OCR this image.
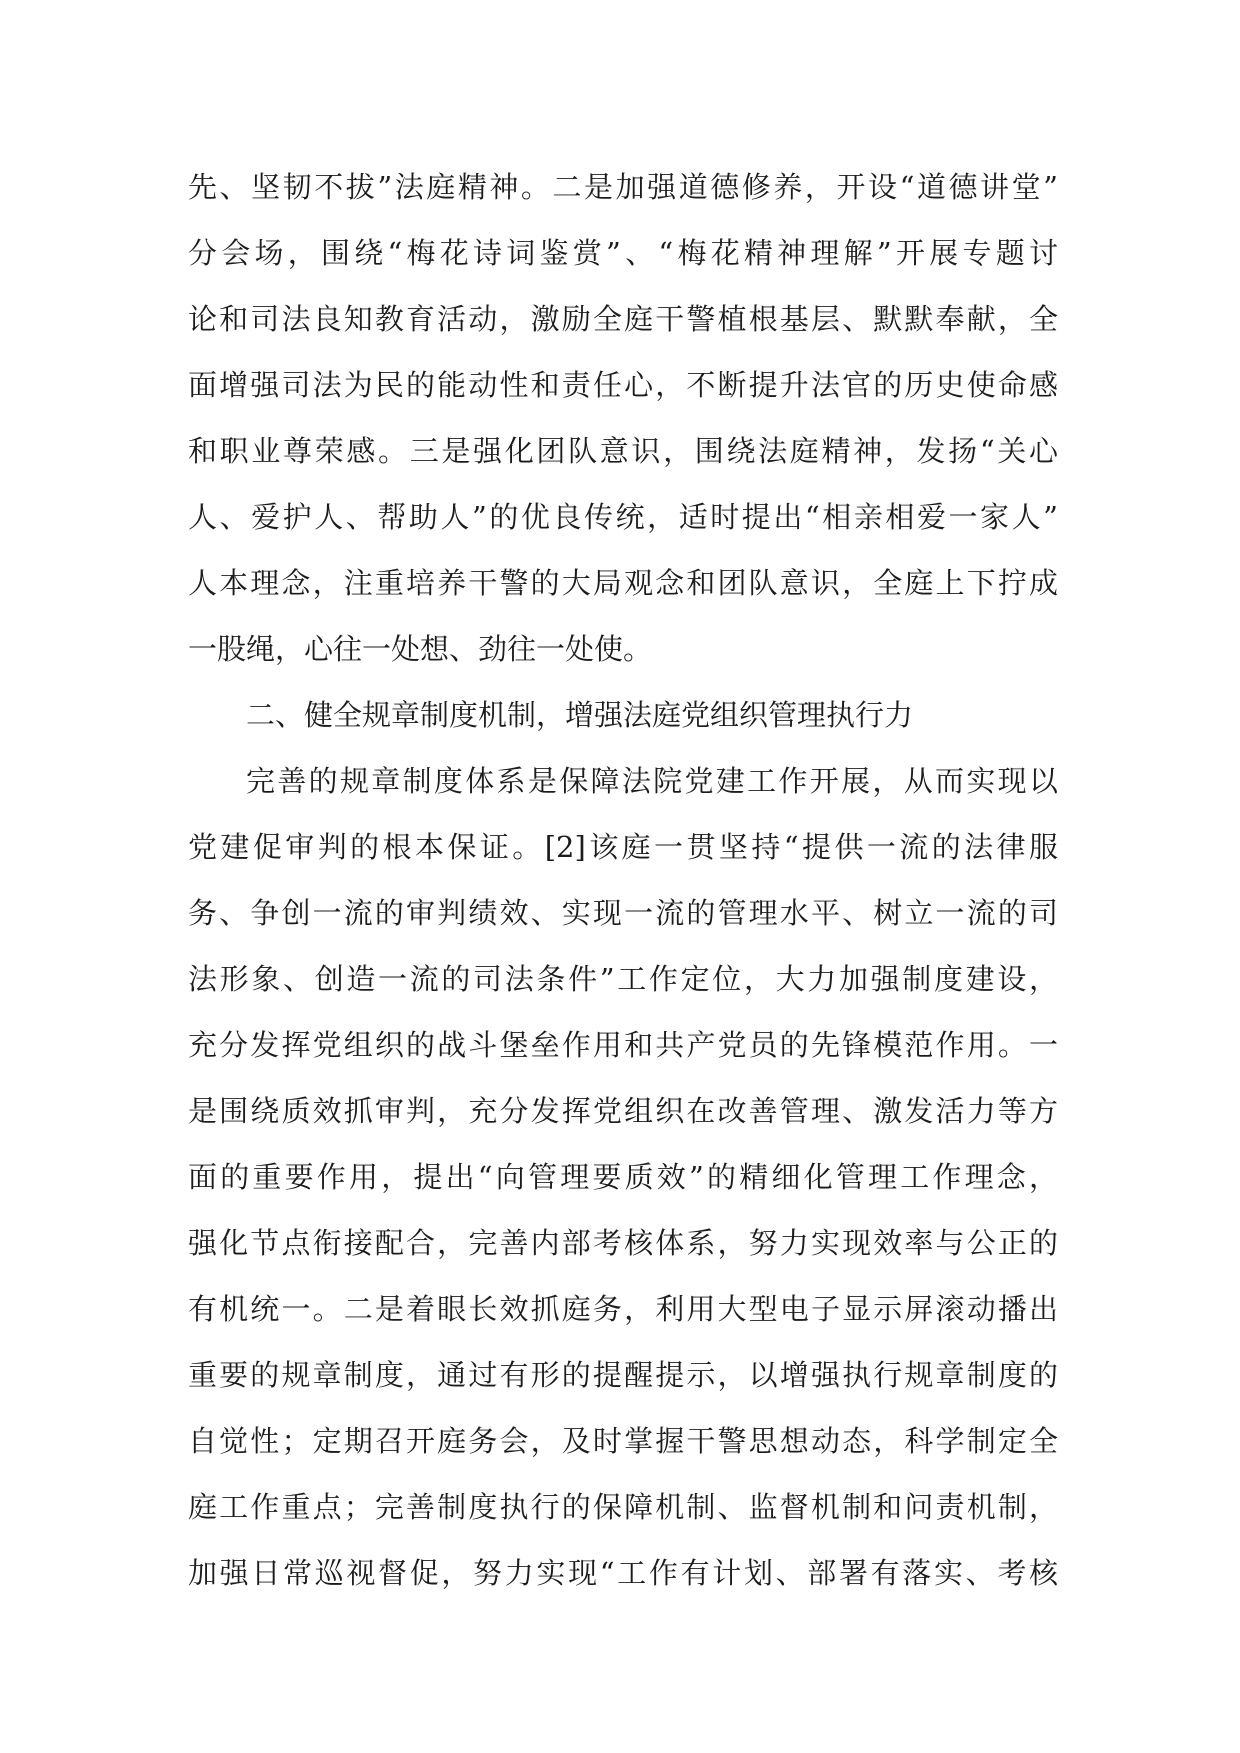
先、坚韧不拔”法庭精神。二是加强道德修养，开设“道德讲堂”
分会场，围绕“梅花诗词鉴赏”、“梅花精神理解”开展专题讨
论和司法良知教育活动，激励全庭干警植根基层、默默奉献，全
面增强司法为民的能动性和责任心，不断提升法官的历史使命感
和职业尊荣感。三是强化团队意识，围绕法庭精神，发扬“关心
人、爱护人、帮助人”的优良传统，适时提出“相亲相爱一家人”
人本理念，注重培养干警的大局观念和团队意识，全庭上下拧成
一股绳，心往一处想、劲往一处使。
二、健全规章制度机制，增强法庭党组织管理执行力
完善的规章制度体系是保障法院党建工作开展，从而实现以
党建促审判的根本保证。[2]该庭一贯坚持“提供一流的法律服
务、争创一流的审判绩效、实现一流的管理水平、树立一流的司
法形象、创造一流的司法条件”工作定位，大力加强制度建设，
充分发挥党组织的战斗堡垒作用和共产党员的先锋模范作用。一
是围绕质效抓审判，充分发挥党组织在改善管理、激发活力等方
面的重要作用，提出“向管理要质效”的精细化管理工作理念，
强化节点衔接配合，完善内部考核体系，努力实现效率与公正的
有机统一。二是着眼长效抓庭务，利用大型电子显示屏滚动播出
重要的规章制度，通过有形的提醒提示，以增强执行规章制度的
自觉性；定期召开庭务会，及时掌握干警思想动态，科学制定全
庭工作重点；完善制度执行的保障机制、监督机制和问责机制，
加强日常巡视督促，努力实现“工作有计划、部署有落实、考核
